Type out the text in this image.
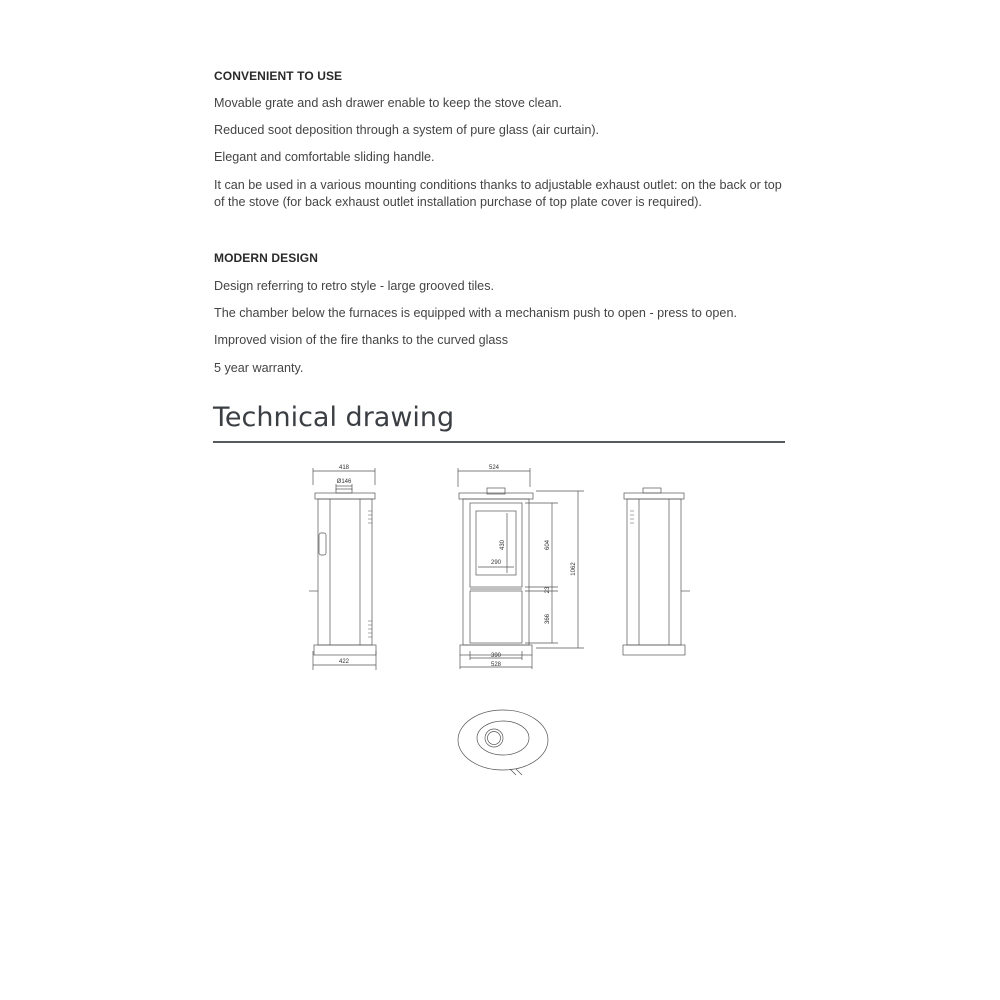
CONVENIENT TO USE
Movable grate and ash drawer enable to keep the stove clean.
Reduced soot deposition through a system of pure glass (air curtain).
Elegant and comfortable sliding handle.
It can be used in a various mounting conditions thanks to adjustable exhaust outlet: on the back or top of the stove (for back exhaust outlet installation purchase of top plate cover is required).
MODERN DESIGN
Design referring to retro style - large grooved tiles.
The chamber below the furnaces is equipped with a mechanism push to open - press to open.
Improved vision of the fire thanks to the curved glass
5 year warranty.
Technical drawing
418
Ø146
422
524
430
290
604
23
366
1062
390
528
